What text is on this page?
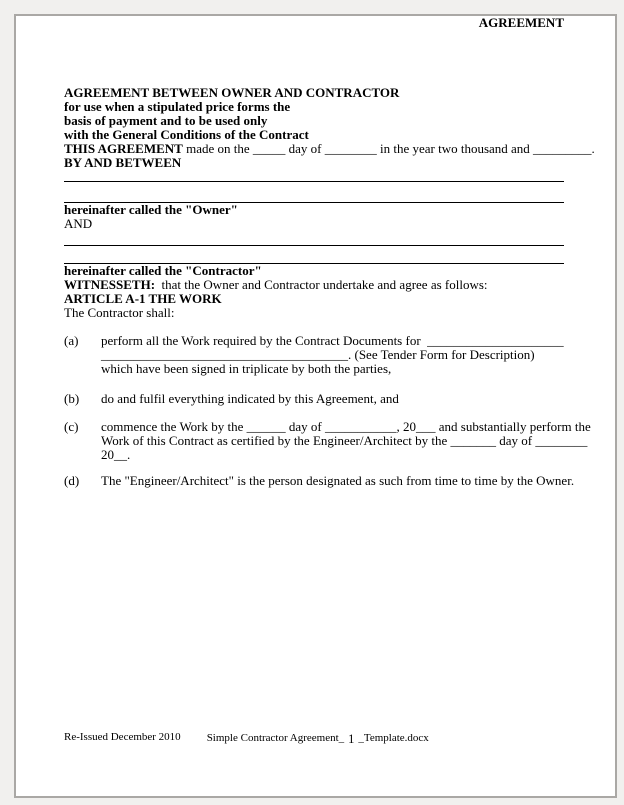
AGREEMENT
AGREEMENT BETWEEN OWNER AND CONTRACTOR
for use when a stipulated price forms the
basis of payment and to be used only
with the General Conditions of the Contract

THIS AGREEMENT made on the _____ day of ________ in the year two thousand and _________.

BY AND BETWEEN

hereinafter called the "Owner"

AND

hereinafter called the "Contractor"

WITNESSETH:  that the Owner and Contractor undertake and agree as follows:

ARTICLE A-1 THE WORK

The Contractor shall:

(a)	perform all the Work required by the Contract Documents for  _____________________
______________________________________. (See Tender Form for Description)
which have been signed in triplicate by both the parties,
(b)	do and fulfil everything indicated by this Agreement, and
(c)	commence the Work by the ______ day of ___________, 20___ and substantially perform the
Work of this Contract as certified by the Engineer/Architect by the _______ day of ________
20__.
(d)	The "Engineer/Architect" is the person designated as such from time to time by the Owner.
Re-Issued December 2010 Simple Contractor Agreement_ 1 _Template.docx
